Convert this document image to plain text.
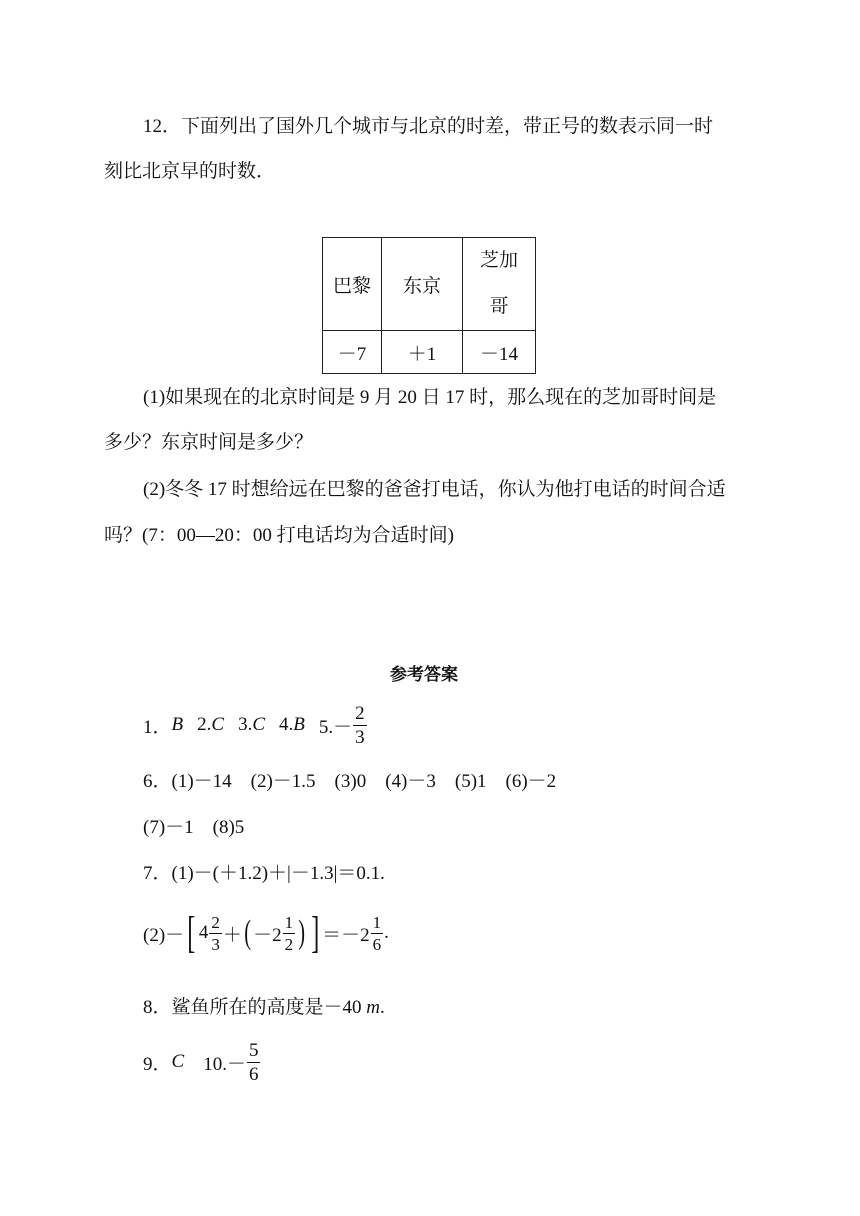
12．下面列出了国外几个城市与北京的时差，带正号的数表示同一时
刻比北京早的时数．
巴黎	东京	芝加
哥
－7	＋1	－14
(1)如果现在的北京时间是 9 月 20 日 17 时，那么现在的芝加哥时间是
多少？东京时间是多少？
(2)冬冬 17 时想给远在巴黎的爸爸打电话，你认为他打电话的时间合适
吗？(7：00—20：00 打电话均为合适时间)
参考答案
1． B 2. C 3. C 4. B $5.- \frac{2}{3}$
6．(1)－14　(2)－1.5　(3)0　(4)－3　(5)1　(6)－2
(7)－1　(8)5
7．(1)－(＋1.2)＋|－1.3|＝0.1.
(2)－ [ $4 \frac{2}{3}$ ＋ ( $-2 \frac{1}{2}$ ) ] $=-2 \frac{1}{6}$ .
8．鲨鱼所在的高度是－40 m.
9． C 　$10.- \frac{5}{6}$
